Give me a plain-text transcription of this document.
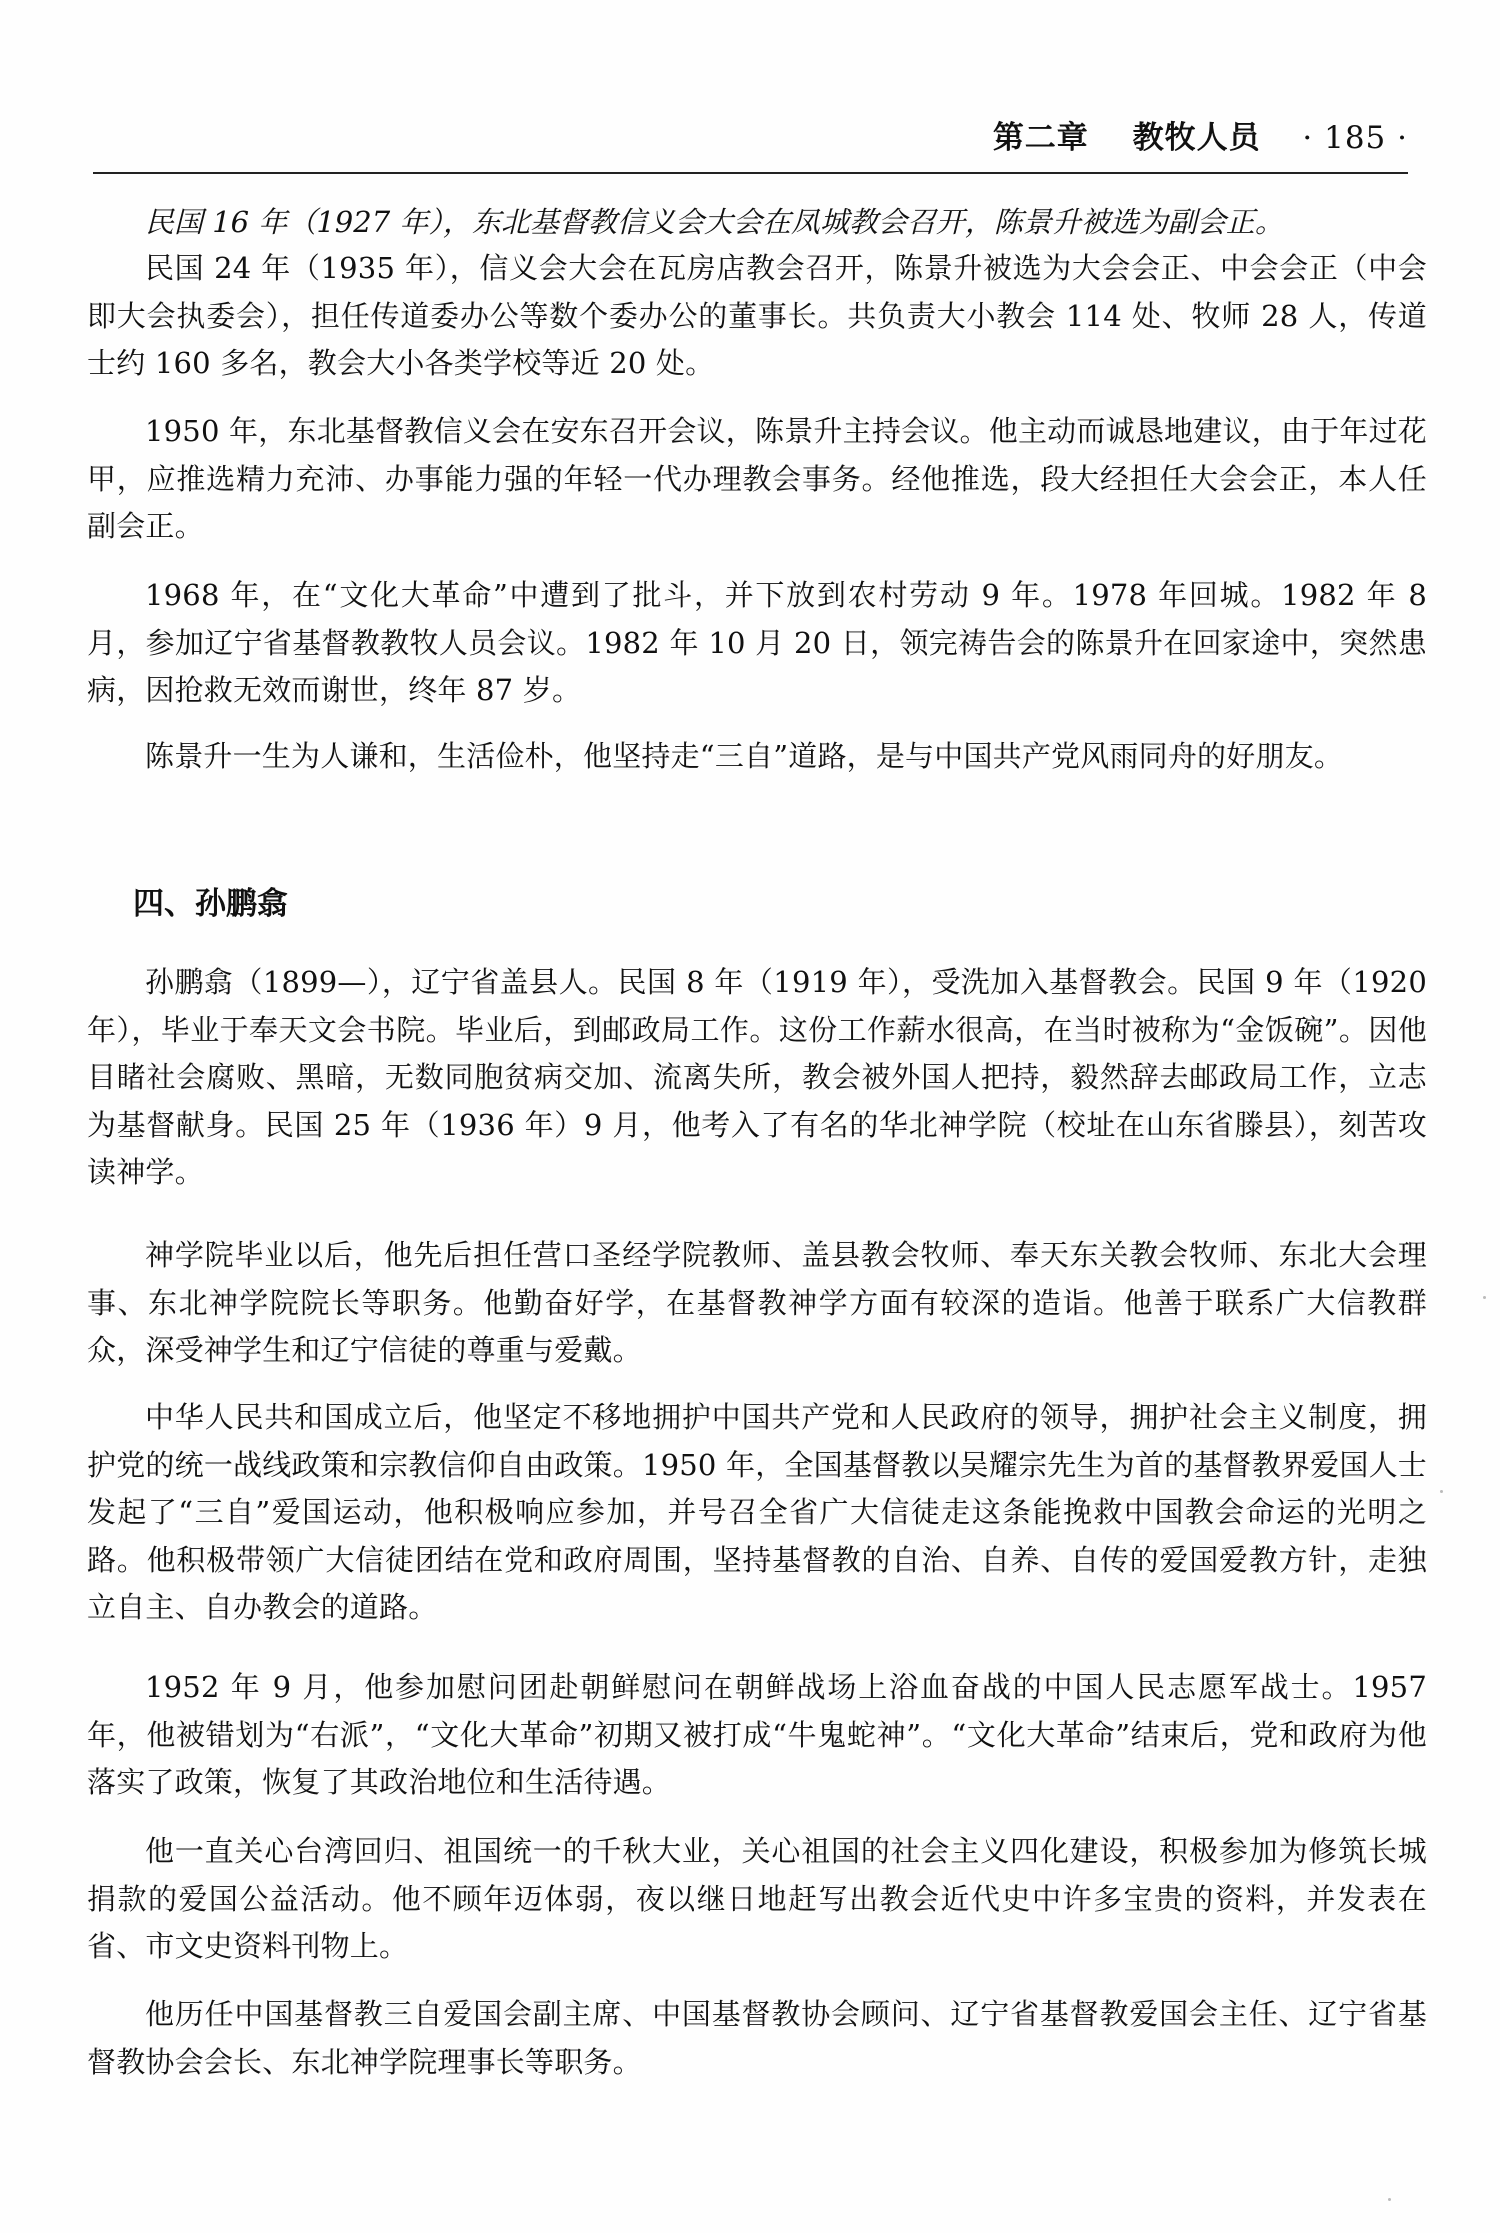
第二章 教牧人员 · 185 ·

民国 16 年（1927 年），东北基督教信义会大会在凤城教会召开，陈景升被选为副会正。

民国 24 年（1935 年），信义会大会在瓦房店教会召开，陈景升被选为大会会正、中会会正（中会即大会执委会），担任传道委办公等数个委办公的董事长。共负责大小教会 114 处、牧师 28 人，传道士约 160 多名，教会大小各类学校等近 20 处。

1950 年，东北基督教信义会在安东召开会议，陈景升主持会议。他主动而诚恳地建议，由于年过花甲，应推选精力充沛、办事能力强的年轻一代办理教会事务。经他推选，段大经担任大会会正，本人任副会正。

1968 年，在“文化大革命”中遭到了批斗，并下放到农村劳动 9 年。1978 年回城。1982 年 8 月，参加辽宁省基督教教牧人员会议。1982 年 10 月 20 日，领完祷告会的陈景升在回家途中，突然患病，因抢救无效而谢世，终年 87 岁。

陈景升一生为人谦和，生活俭朴，他坚持走“三自”道路，是与中国共产党风雨同舟的好朋友。

四、孙鹏翕

孙鹏翕（1899—），辽宁省盖县人。民国 8 年（1919 年），受洗加入基督教会。民国 9 年（1920 年），毕业于奉天文会书院。毕业后，到邮政局工作。这份工作薪水很高，在当时被称为“金饭碗”。因他目睹社会腐败、黑暗，无数同胞贫病交加、流离失所，教会被外国人把持，毅然辞去邮政局工作，立志为基督献身。民国 25 年（1936 年）9 月，他考入了有名的华北神学院（校址在山东省滕县），刻苦攻读神学。

神学院毕业以后，他先后担任营口圣经学院教师、盖县教会牧师、奉天东关教会牧师、东北大会理事、东北神学院院长等职务。他勤奋好学，在基督教神学方面有较深的造诣。他善于联系广大信教群众，深受神学生和辽宁信徒的尊重与爱戴。

中华人民共和国成立后，他坚定不移地拥护中国共产党和人民政府的领导，拥护社会主义制度，拥护党的统一战线政策和宗教信仰自由政策。1950 年，全国基督教以吴耀宗先生为首的基督教界爱国人士发起了“三自”爱国运动，他积极响应参加，并号召全省广大信徒走这条能挽救中国教会命运的光明之路。他积极带领广大信徒团结在党和政府周围，坚持基督教的自治、自养、自传的爱国爱教方针，走独立自主、自办教会的道路。

1952 年 9 月，他参加慰问团赴朝鲜慰问在朝鲜战场上浴血奋战的中国人民志愿军战士。1957 年，他被错划为“右派”，“文化大革命”初期又被打成“牛鬼蛇神”。“文化大革命”结束后，党和政府为他落实了政策，恢复了其政治地位和生活待遇。

他一直关心台湾回归、祖国统一的千秋大业，关心祖国的社会主义四化建设，积极参加为修筑长城捐款的爱国公益活动。他不顾年迈体弱，夜以继日地赶写出教会近代史中许多宝贵的资料，并发表在省、市文史资料刊物上。

他历任中国基督教三自爱国会副主席、中国基督教协会顾问、辽宁省基督教爱国会主任、辽宁省基督教协会会长、东北神学院理事长等职务。
